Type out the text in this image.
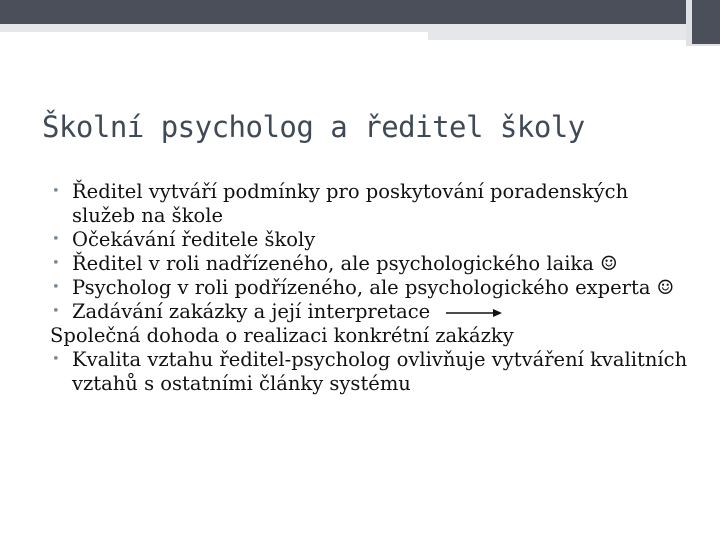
Školní psycholog a ředitel školy
• Ředitel vytváří podmínky pro poskytování poradenských služeb na škole
• Očekávání ředitele školy
• Ředitel v roli nadřízeného, ale psychologického laika ☺
• Psycholog v roli podřízeného, ale psychologického experta ☺
• Zadávání zakázky a její interpretace
Společná dohoda o realizaci konkrétní zakázky
• Kvalita vztahu ředitel-psycholog ovlivňuje vytváření kvalitních vztahů s ostatními články systému
